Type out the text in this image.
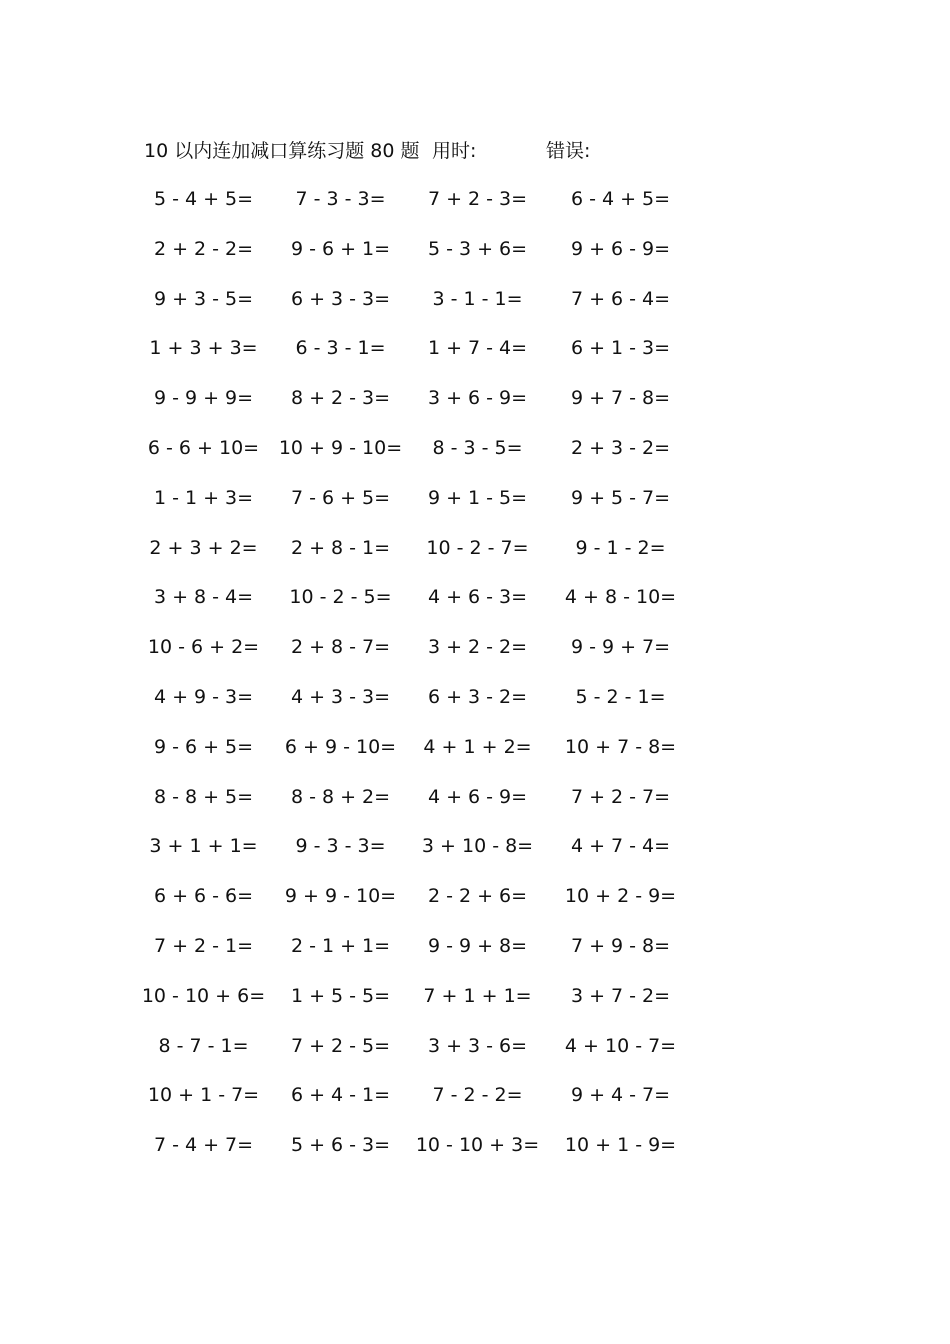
10 以内连加减口算练习题 80 题 用时:	错误:
5 - 4 + 5=	7 - 3 - 3=	7 + 2 - 3=	6 - 4 + 5=
2 + 2 - 2=	9 - 6 + 1=	5 - 3 + 6=	9 + 6 - 9=
9 + 3 - 5=	6 + 3 - 3=	3 - 1 - 1=	7 + 6 - 4=
1 + 3 + 3=	6 - 3 - 1=	1 + 7 - 4=	6 + 1 - 3=
9 - 9 + 9=	8 + 2 - 3=	3 + 6 - 9=	9 + 7 - 8=
6 - 6 + 10=	10 + 9 - 10=	8 - 3 - 5=	2 + 3 - 2=
1 - 1 + 3=	7 - 6 + 5=	9 + 1 - 5=	9 + 5 - 7=
2 + 3 + 2=	2 + 8 - 1=	10 - 2 - 7=	9 - 1 - 2=
3 + 8 - 4=	10 - 2 - 5=	4 + 6 - 3=	4 + 8 - 10=
10 - 6 + 2=	2 + 8 - 7=	3 + 2 - 2=	9 - 9 + 7=
4 + 9 - 3=	4 + 3 - 3=	6 + 3 - 2=	5 - 2 - 1=
9 - 6 + 5=	6 + 9 - 10=	4 + 1 + 2=	10 + 7 - 8=
8 - 8 + 5=	8 - 8 + 2=	4 + 6 - 9=	7 + 2 - 7=
3 + 1 + 1=	9 - 3 - 3=	3 + 10 - 8=	4 + 7 - 4=
6 + 6 - 6=	9 + 9 - 10=	2 - 2 + 6=	10 + 2 - 9=
7 + 2 - 1=	2 - 1 + 1=	9 - 9 + 8=	7 + 9 - 8=
10 - 10 + 6=	1 + 5 - 5=	7 + 1 + 1=	3 + 7 - 2=
8 - 7 - 1=	7 + 2 - 5=	3 + 3 - 6=	4 + 10 - 7=
10 + 1 - 7=	6 + 4 - 1=	7 - 2 - 2=	9 + 4 - 7=
7 - 4 + 7=	5 + 6 - 3=	10 - 10 + 3=	10 + 1 - 9=
